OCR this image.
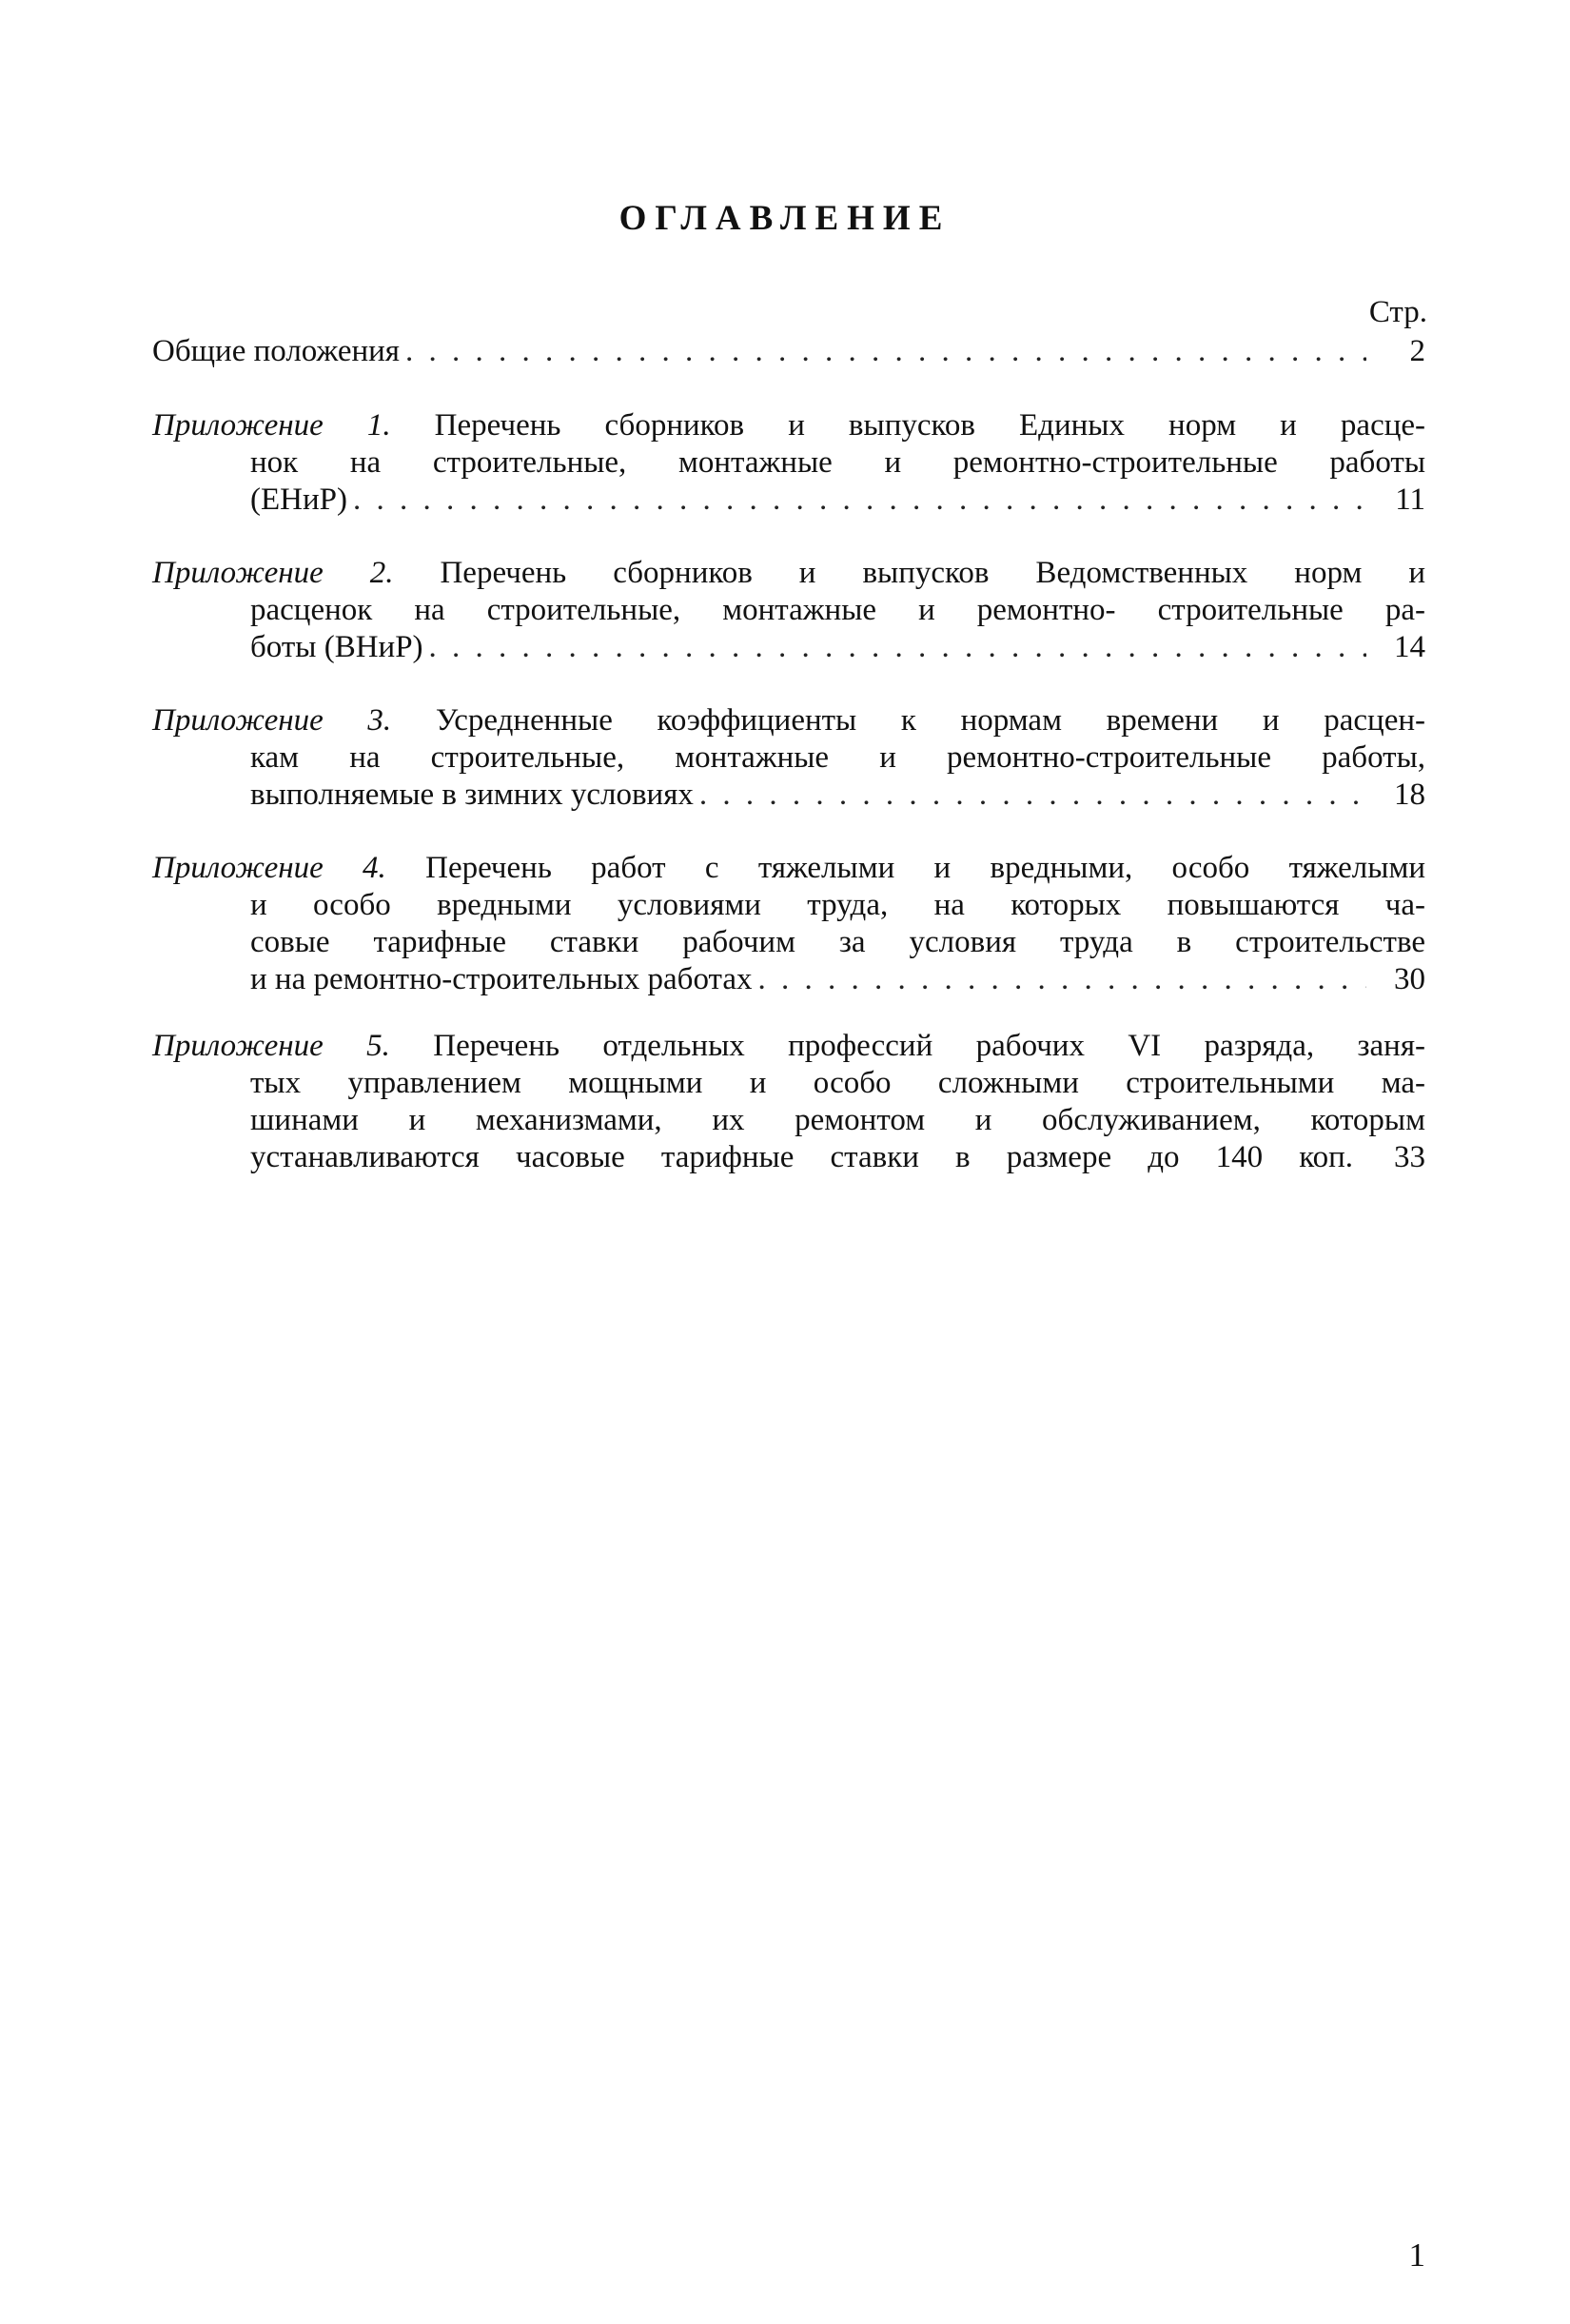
ОГЛАВЛЕНИЕ
Стр.

Общие положения . . .	2

Приложение 1. Перечень сборников и выпусков Единых норм и расце-
нок на строительные, монтажные и ремонтно-строительные работы
(ЕНиР) . . .	11

Приложение 2. Перечень сборников и выпусков Ведомственных норм и
расценок на строительные, монтажные и ремонтно- строительные ра-
боты (ВНиР) . . .	14

Приложение 3. Усредненные коэффициенты к нормам времени и расцен-
кам на строительные, монтажные и ремонтно-строительные работы,
выполняемые в зимних условиях . . .	18

Приложение 4. Перечень работ с тяжелыми и вредными, особо тяжелыми
и особо вредными условиями труда, на которых повышаются ча-
совые тарифные ставки рабочим за условия труда в строительстве
и на ремонтно-строительных работах . . .	30

Приложение 5. Перечень отдельных профессий рабочих VI разряда, заня-
тых управлением мощными и особо сложными строительными ма-
шинами и механизмами, их ремонтом и обслуживанием, которым
устанавливаются часовые тарифные ставки в размере до 140 коп.	33

1
